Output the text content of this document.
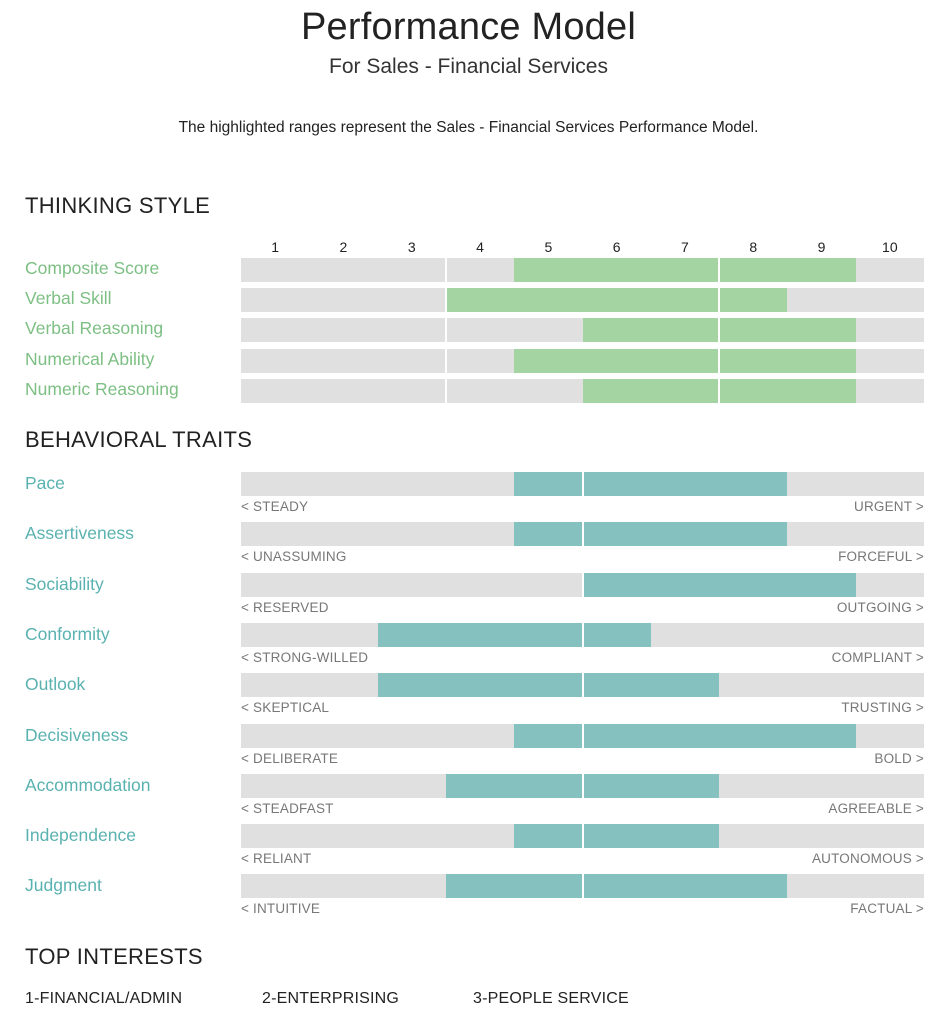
Performance Model
For Sales - Financial Services
The highlighted ranges represent the Sales - Financial Services Performance Model.
THINKING STYLE
1	2	3	4	5	6	7	8	9	10
Composite Score
Verbal Skill
Verbal Reasoning
Numerical Ability
Numeric Reasoning
BEHAVIORAL TRAITS
Pace
< STEADY	URGENT >
Assertiveness
< UNASSUMING	FORCEFUL >
Sociability
< RESERVED	OUTGOING >
Conformity
< STRONG-WILLED	COMPLIANT >
Outlook
< SKEPTICAL	TRUSTING >
Decisiveness
< DELIBERATE	BOLD >
Accommodation
< STEADFAST	AGREEABLE >
Independence
< RELIANT	AUTONOMOUS >
Judgment
< INTUITIVE	FACTUAL >
TOP INTERESTS
1-FINANCIAL/ADMIN	2-ENTERPRISING	3-PEOPLE SERVICE
